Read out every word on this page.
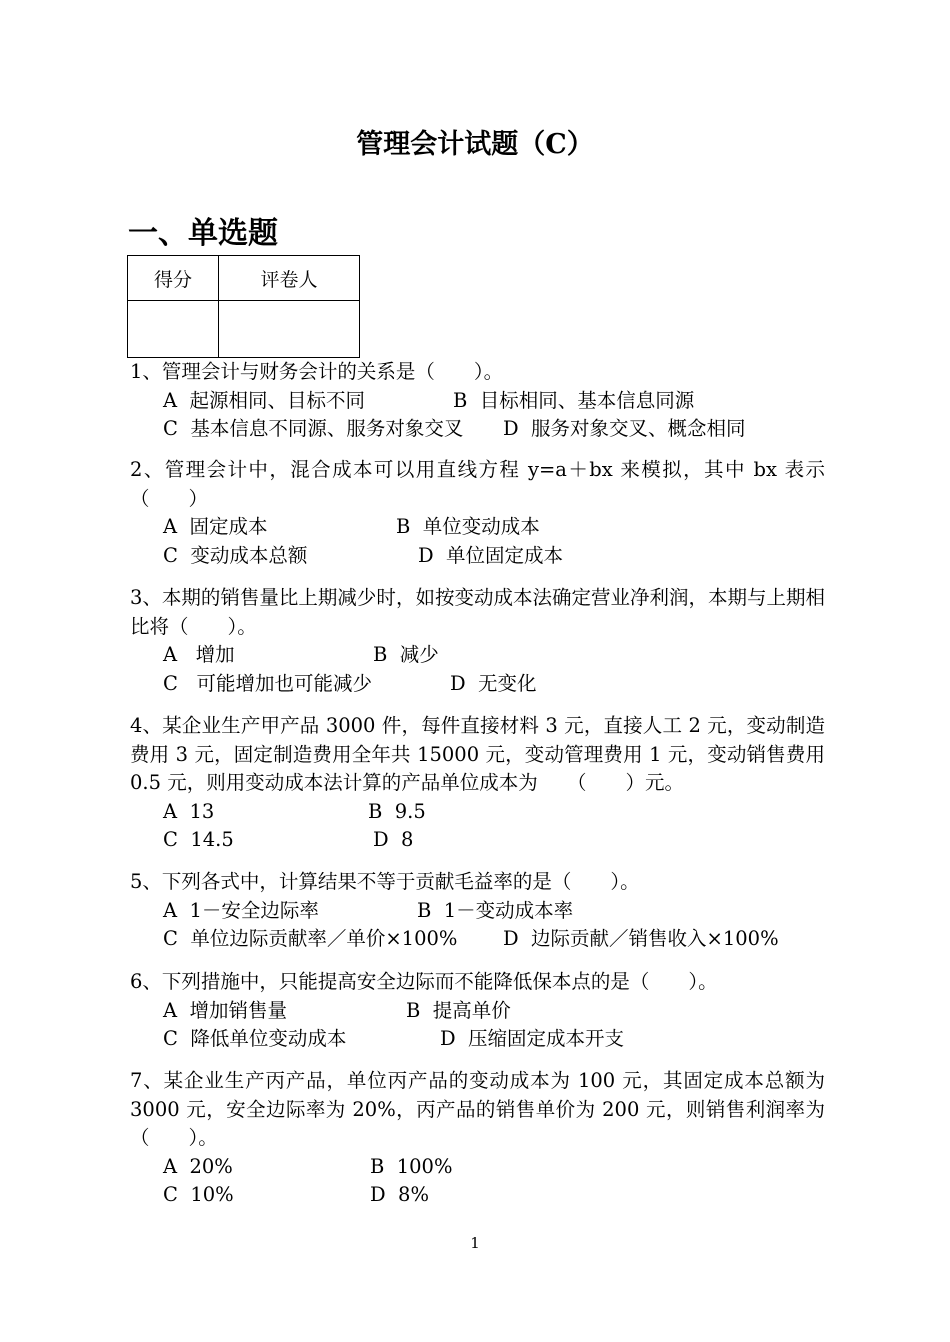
管理会计试题（C）
一、单选题
得分	评卷人

1、管理会计与财务会计的关系是（　　）。
A  起源相同、目标不同	B  目标相同、基本信息同源
C  基本信息不同源、服务对象交叉	D  服务对象交叉、概念相同
2、管理会计中，混合成本可以用直线方程 y=a＋bx 来模拟，其中 bx 表示（　　）
A  固定成本	B  单位变动成本
C  变动成本总额	D  单位固定成本
3、本期的销售量比上期减少时，如按变动成本法确定营业净利润，本期与上期相比将（　　）。
A   增加	B  减少
C   可能增加也可能减少	D  无变化
4、某企业生产甲产品 3000 件，每件直接材料 3 元，直接人工 2 元，变动制造费用 3 元，固定制造费用全年共 15000 元，变动管理费用 1 元，变动销售费用 0.5 元，则用变动成本法计算的产品单位成本为　　（　　）元。
A  13	B  9.5
C  14.5	D  8
5、下列各式中，计算结果不等于贡献毛益率的是（　　）。
A  1－安全边际率	B  1－变动成本率
C  单位边际贡献率／单价×100%	D  边际贡献／销售收入×100%
6、下列措施中，只能提高安全边际而不能降低保本点的是（　　）。
A  增加销售量	B  提高单价
C  降低单位变动成本	D  压缩固定成本开支
7、某企业生产丙产品，单位丙产品的变动成本为 100 元，其固定成本总额为 3000 元，安全边际率为 20%，丙产品的销售单价为 200 元，则销售利润率为（　　）。
A  20%	B  100%
C  10%	D  8%
1
